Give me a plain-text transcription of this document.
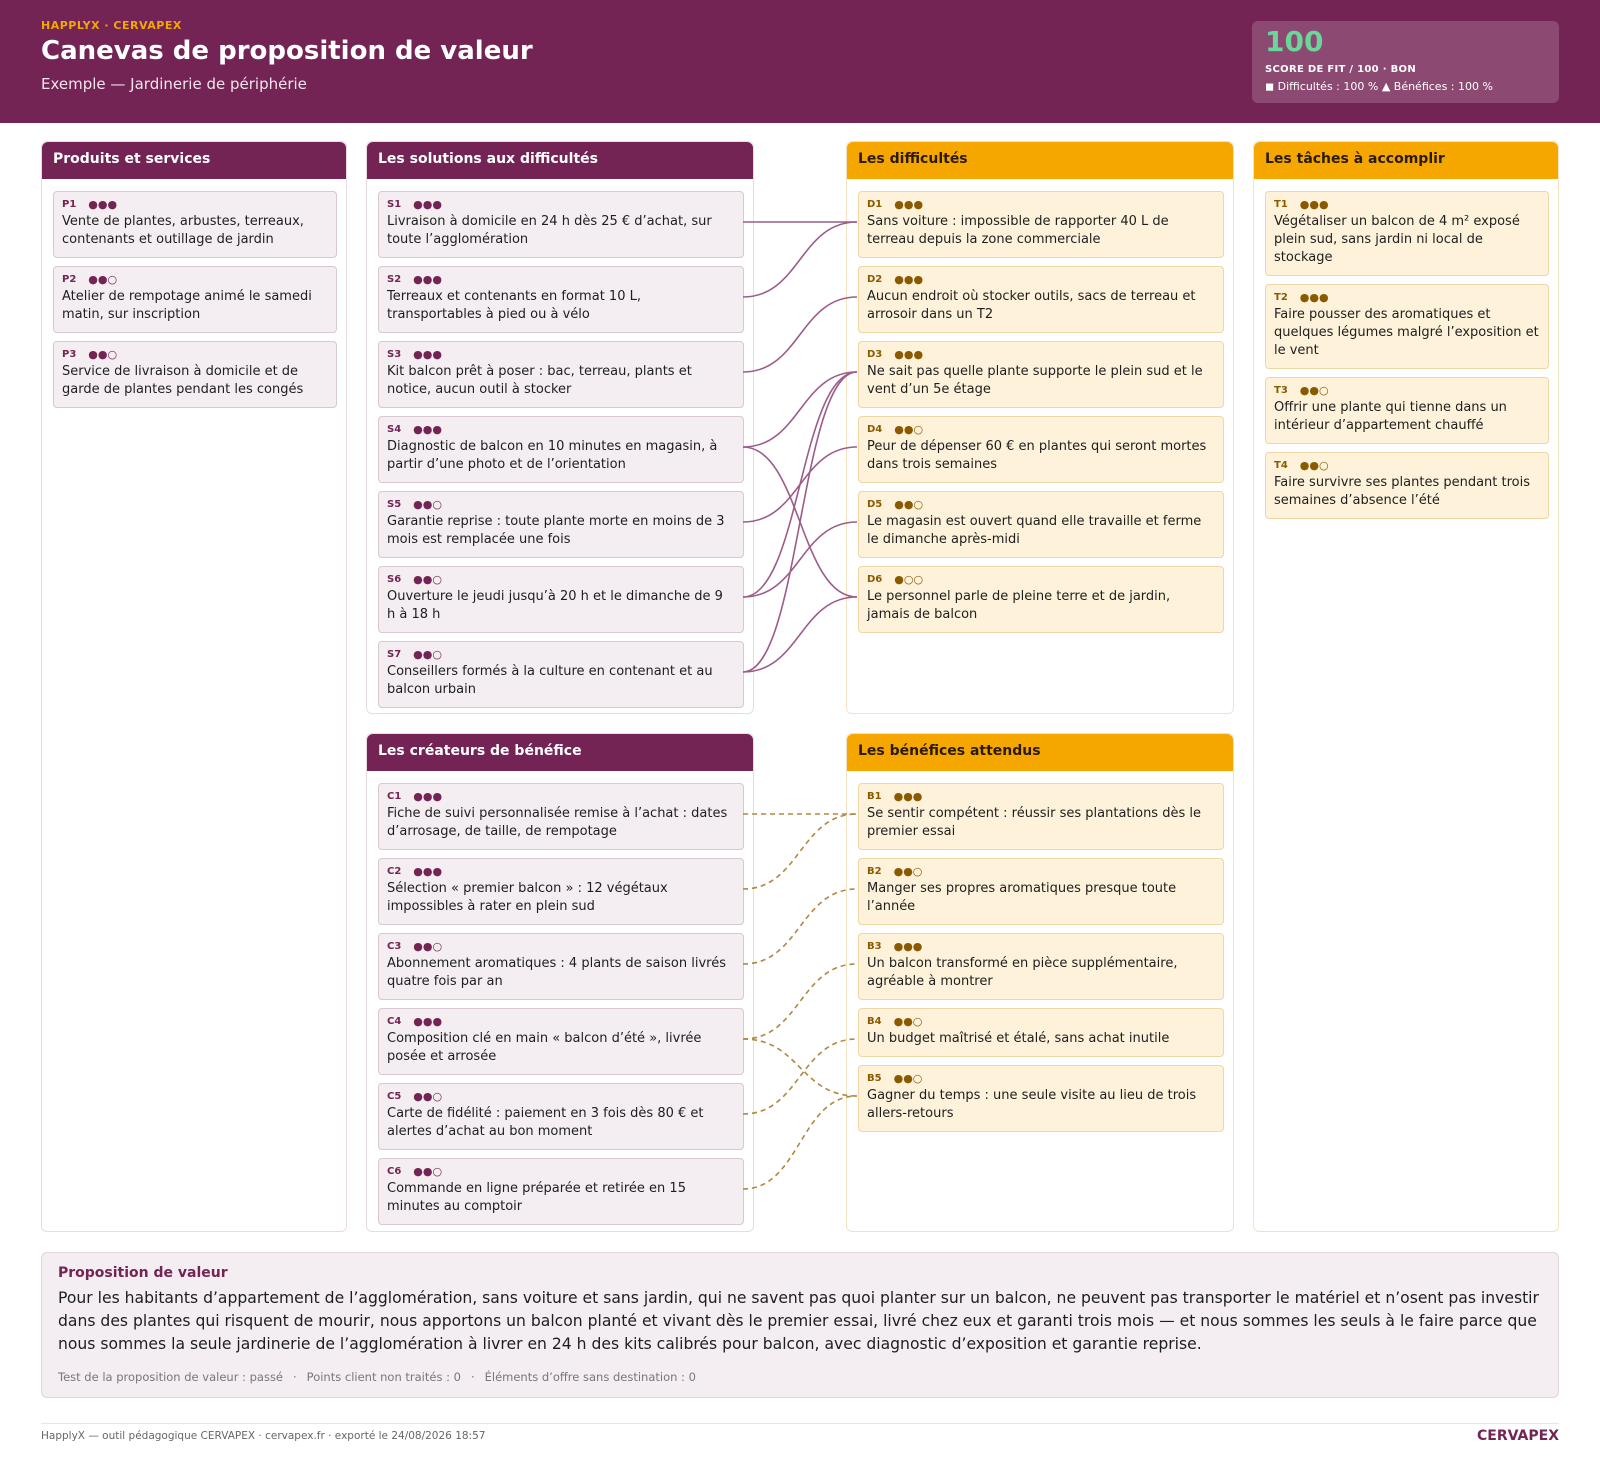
HAPPLYX · CERVAPEX
Canevas de proposition de valeur
Exemple — Jardinerie de périphérie
100
SCORE DE FIT / 100 · BON
◼ Difficultés : 100 % ▲ Bénéfices : 100 %
Produits et services
P1 ●●●
Vente de plantes, arbustes, terreaux, contenants et outillage de jardin
P2 ●●○
Atelier de rempotage animé le samedi matin, sur inscription
P3 ●●○
Service de livraison à domicile et de garde de plantes pendant les congés
Les solutions aux difficultés
S1 ●●●
Livraison à domicile en 24 h dès 25 € d’achat, sur toute l’agglomération
S2 ●●●
Terreaux et contenants en format 10 L, transportables à pied ou à vélo
S3 ●●●
Kit balcon prêt à poser : bac, terreau, plants et notice, aucun outil à stocker
S4 ●●●
Diagnostic de balcon en 10 minutes en magasin, à partir d’une photo et de l’orientation
S5 ●●○
Garantie reprise : toute plante morte en moins de 3 mois est remplacée une fois
S6 ●●○
Ouverture le jeudi jusqu’à 20 h et le dimanche de 9 h à 18 h
S7 ●●○
Conseillers formés à la culture en contenant et au balcon urbain
Les créateurs de bénéfice
C1 ●●●
Fiche de suivi personnalisée remise à l’achat : dates d’arrosage, de taille, de rempotage
C2 ●●●
Sélection « premier balcon » : 12 végétaux impossibles à rater en plein sud
C3 ●●○
Abonnement aromatiques : 4 plants de saison livrés quatre fois par an
C4 ●●●
Composition clé en main « balcon d’été », livrée posée et arrosée
C5 ●●○
Carte de fidélité : paiement en 3 fois dès 80 € et alertes d’achat au bon moment
C6 ●●○
Commande en ligne préparée et retirée en 15 minutes au comptoir
Les difficultés
D1 ●●●
Sans voiture : impossible de rapporter 40 L de terreau depuis la zone commerciale
D2 ●●●
Aucun endroit où stocker outils, sacs de terreau et arrosoir dans un T2
D3 ●●●
Ne sait pas quelle plante supporte le plein sud et le vent d’un 5e étage
D4 ●●○
Peur de dépenser 60 € en plantes qui seront mortes dans trois semaines
D5 ●●○
Le magasin est ouvert quand elle travaille et ferme le dimanche après-midi
D6 ●○○
Le personnel parle de pleine terre et de jardin, jamais de balcon
Les bénéfices attendus
B1 ●●●
Se sentir compétent : réussir ses plantations dès le premier essai
B2 ●●○
Manger ses propres aromatiques presque toute l’année
B3 ●●●
Un balcon transformé en pièce supplémentaire, agréable à montrer
B4 ●●○
Un budget maîtrisé et étalé, sans achat inutile
B5 ●●○
Gagner du temps : une seule visite au lieu de trois allers-retours
Les tâches à accomplir
T1 ●●●
Végétaliser un balcon de 4 m² exposé plein sud, sans jardin ni local de stockage
T2 ●●●
Faire pousser des aromatiques et quelques légumes malgré l’exposition et le vent
T3 ●●○
Offrir une plante qui tienne dans un intérieur d’appartement chauffé
T4 ●●○
Faire survivre ses plantes pendant trois semaines d’absence l’été
Proposition de valeur
Pour les habitants d’appartement de l’agglomération, sans voiture et sans jardin, qui ne savent pas quoi planter sur un balcon, ne peuvent pas transporter le matériel et n’osent pas investir dans des plantes qui risquent de mourir, nous apportons un balcon planté et vivant dès le premier essai, livré chez eux et garanti trois mois — et nous sommes les seuls à le faire parce que nous sommes la seule jardinerie de l’agglomération à livrer en 24 h des kits calibrés pour balcon, avec diagnostic d’exposition et garantie reprise.
Test de la proposition de valeur : passé · Points client non traités : 0 · Éléments d’offre sans destination : 0
HapplyX — outil pédagogique CERVAPEX · cervapex.fr · exporté le 24/08/2026 18:57	CERVAPEX
